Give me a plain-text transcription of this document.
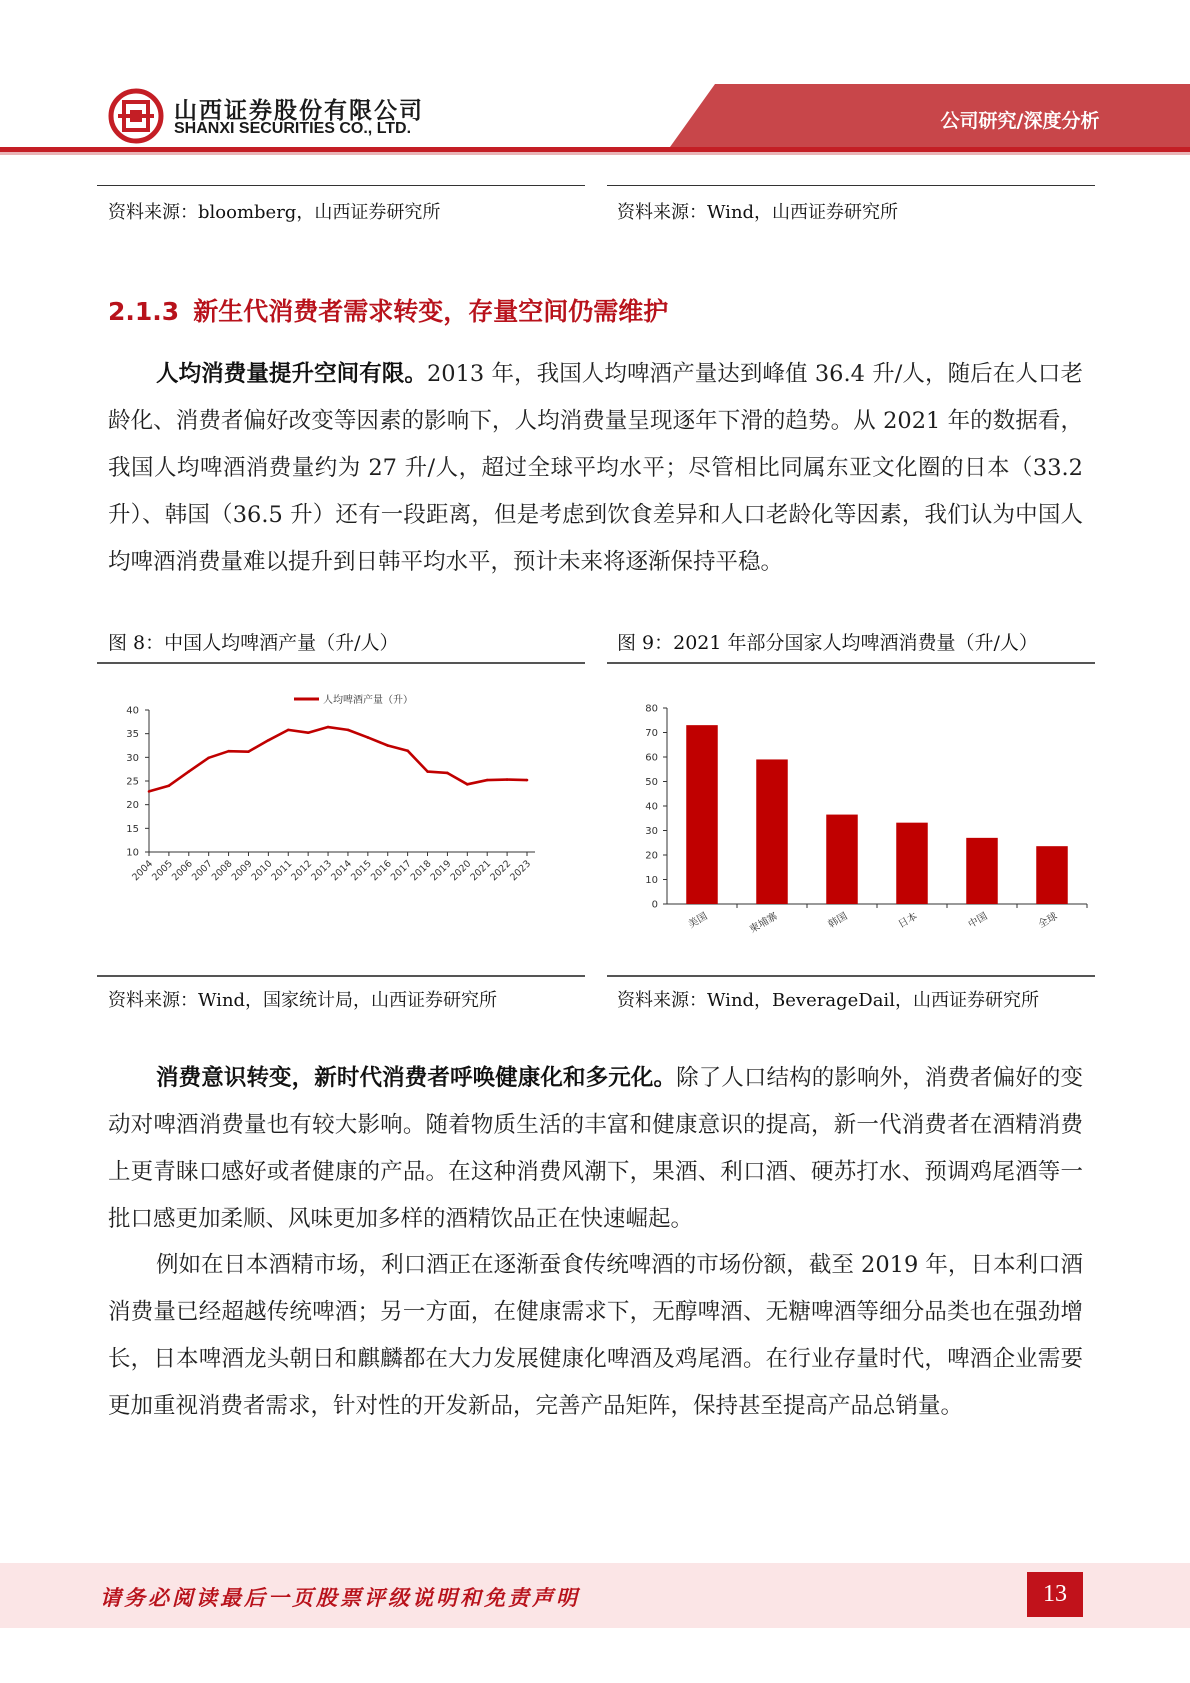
山西证券股份有限公司
SHANXI SECURITIES CO., LTD.	公司研究/深度分析
资料来源：bloomberg，山西证券研究所	资料来源：Wind，山西证券研究所
2.1.3 新生代消费者需求转变，存量空间仍需维护
人均消费量提升空间有限。2013 年，我国人均啤酒产量达到峰值 36.4 升/人，随后在人口老龄化、消费者偏好改变等因素的影响下，人均消费量呈现逐年下滑的趋势。从 2021 年的数据看，我国人均啤酒消费量约为 27 升/人，超过全球平均水平；尽管相比同属东亚文化圈的日本（33.2 升）、韩国（36.5 升）还有一段距离，但是考虑到饮食差异和人口老龄化等因素，我们认为中国人均啤酒消费量难以提升到日韩平均水平，预计未来将逐渐保持平稳。
图 8：中国人均啤酒产量（升/人）
人均啤酒产量（升）
10
15
20
25
30
35
40
2004
2005
2006
2007
2008
2009
2010
2011
2012
2013
2014
2015
2016
2017
2018
2019
2020
2021
2022
2023
资料来源：Wind，国家统计局，山西证券研究所
图 9：2021 年部分国家人均啤酒消费量（升/人）
0
10
20
30
40
50
60
70
80
美国	柬埔寨	韩国	日本	中国	全球
资料来源：Wind，BeverageDail，山西证券研究所
消费意识转变，新时代消费者呼唤健康化和多元化。除了人口结构的影响外，消费者偏好的变动对啤酒消费量也有较大影响。随着物质生活的丰富和健康意识的提高，新一代消费者在酒精消费上更青睐口感好或者健康的产品。在这种消费风潮下，果酒、利口酒、硬苏打水、预调鸡尾酒等一批口感更加柔顺、风味更加多样的酒精饮品正在快速崛起。
例如在日本酒精市场，利口酒正在逐渐蚕食传统啤酒的市场份额，截至 2019 年，日本利口酒消费量已经超越传统啤酒；另一方面，在健康需求下，无醇啤酒、无糖啤酒等细分品类也在强劲增长，日本啤酒龙头朝日和麒麟都在大力发展健康化啤酒及鸡尾酒。在行业存量时代，啤酒企业需要更加重视消费者需求，针对性的开发新品，完善产品矩阵，保持甚至提高产品总销量。
请务必阅读最后一页股票评级说明和免责声明	13
